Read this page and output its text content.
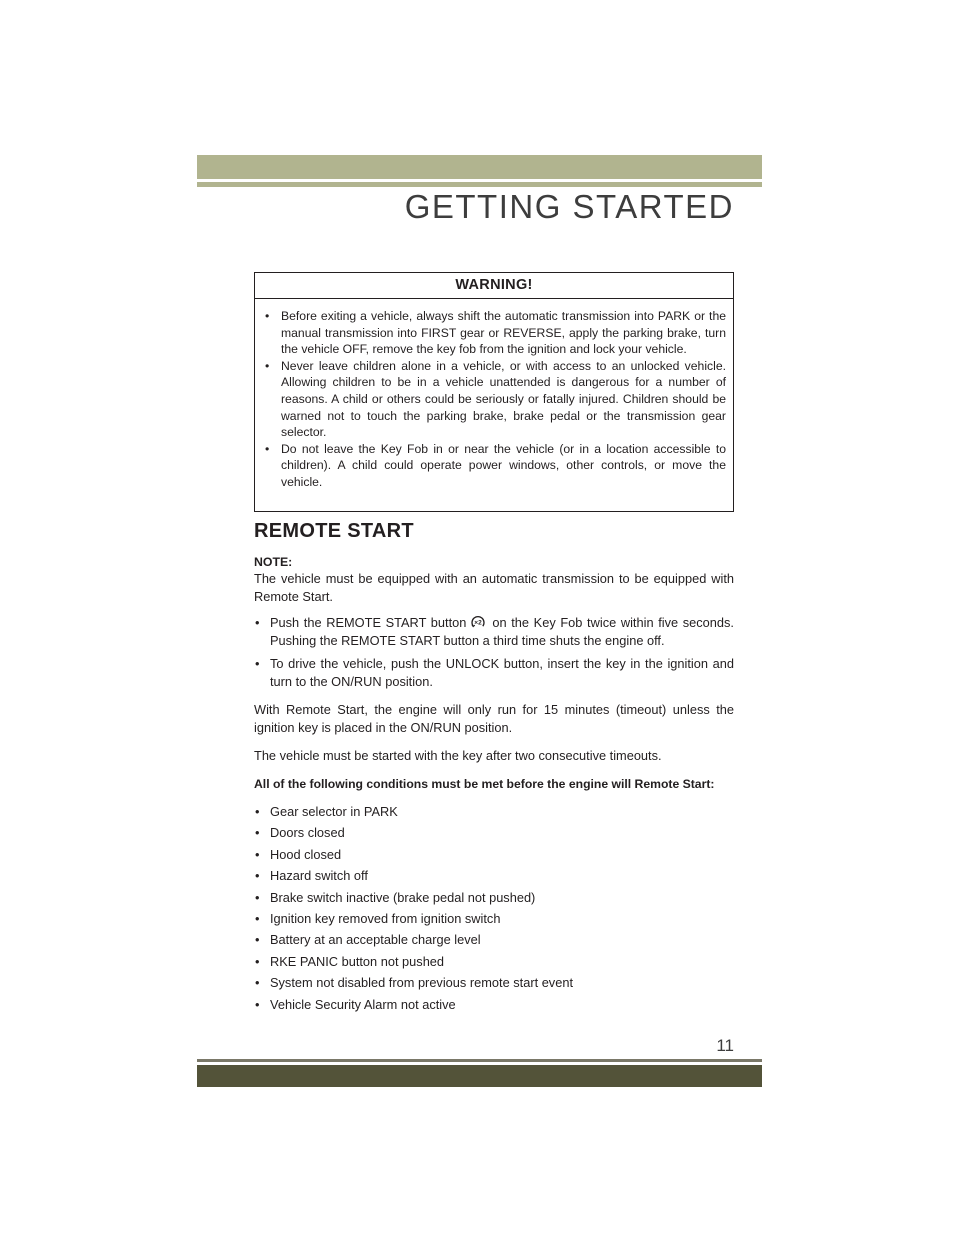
GETTING STARTED
WARNING!
• Before exiting a vehicle, always shift the automatic transmission into PARK or the manual transmission into FIRST gear or REVERSE, apply the parking brake, turn the vehicle OFF, remove the key fob from the ignition and lock your vehicle.
• Never leave children alone in a vehicle, or with access to an unlocked vehicle. Allowing children to be in a vehicle unattended is dangerous for a number of reasons. A child or others could be seriously or fatally injured. Children should be warned not to touch the parking brake, brake pedal or the transmission gear selector.
• Do not leave the Key Fob in or near the vehicle (or in a location accessible to children). A child could operate power windows, other controls, or move the vehicle.
REMOTE START
NOTE:

The vehicle must be equipped with an automatic transmission to be equipped with Remote Start.

• Push the REMOTE START button ×2 on the Key Fob twice within five seconds. Pushing the REMOTE START button a third time shuts the engine off.
• To drive the vehicle, push the UNLOCK button, insert the key in the ignition and turn to the ON/RUN position.

With Remote Start, the engine will only run for 15 minutes (timeout) unless the ignition key is placed in the ON/RUN position.

The vehicle must be started with the key after two consecutive timeouts.

All of the following conditions must be met before the engine will Remote Start:

• Gear selector in PARK
• Doors closed
• Hood closed
• Hazard switch off
• Brake switch inactive (brake pedal not pushed)
• Ignition key removed from ignition switch
• Battery at an acceptable charge level
• RKE PANIC button not pushed
• System not disabled from previous remote start event
• Vehicle Security Alarm not active
11
